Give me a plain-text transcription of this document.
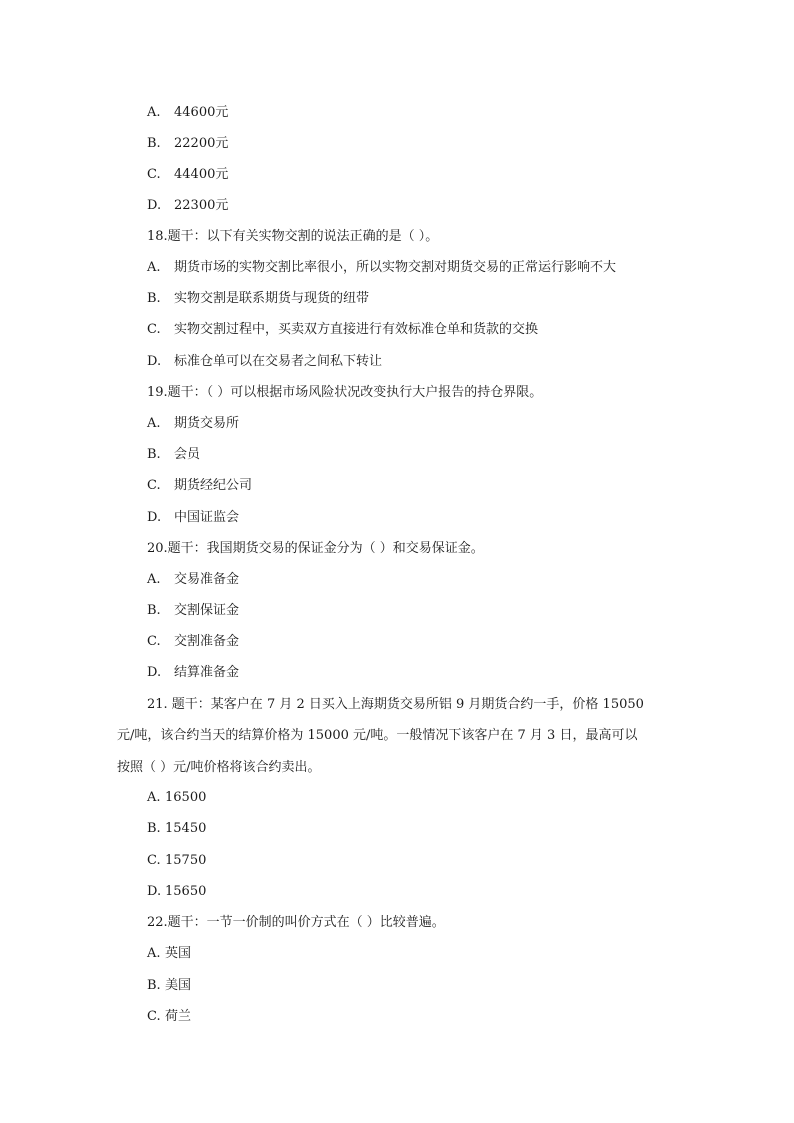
A. 44600元
B. 22200元
C. 44400元
D. 22300元
18.题干：以下有关实物交割的说法正确的是（ ）。
A. 期货市场的实物交割比率很小，所以实物交割对期货交易的正常运行影响不大
B. 实物交割是联系期货与现货的纽带
C. 实物交割过程中，买卖双方直接进行有效标准仓单和货款的交换
D. 标准仓单可以在交易者之间私下转让
19.题干：（ ）可以根据市场风险状况改变执行大户报告的持仓界限。
A. 期货交易所
B. 会员
C. 期货经纪公司
D. 中国证监会
20.题干：我国期货交易的保证金分为（ ）和交易保证金。
A. 交易准备金
B. 交割保证金
C. 交割准备金
D. 结算准备金
21. 题干：某客户在 7 月 2 日买入上海期货交易所铝 9 月期货合约一手，价格 15050
元/吨，该合约当天的结算价格为 15000 元/吨。一般情况下该客户在 7 月 3 日，最高可以
按照（ ）元/吨价格将该合约卖出。
A. 16500
B. 15450
C. 15750
D. 15650
22.题干：一节一价制的叫价方式在（ ）比较普遍。
A. 英国
B. 美国
C. 荷兰
